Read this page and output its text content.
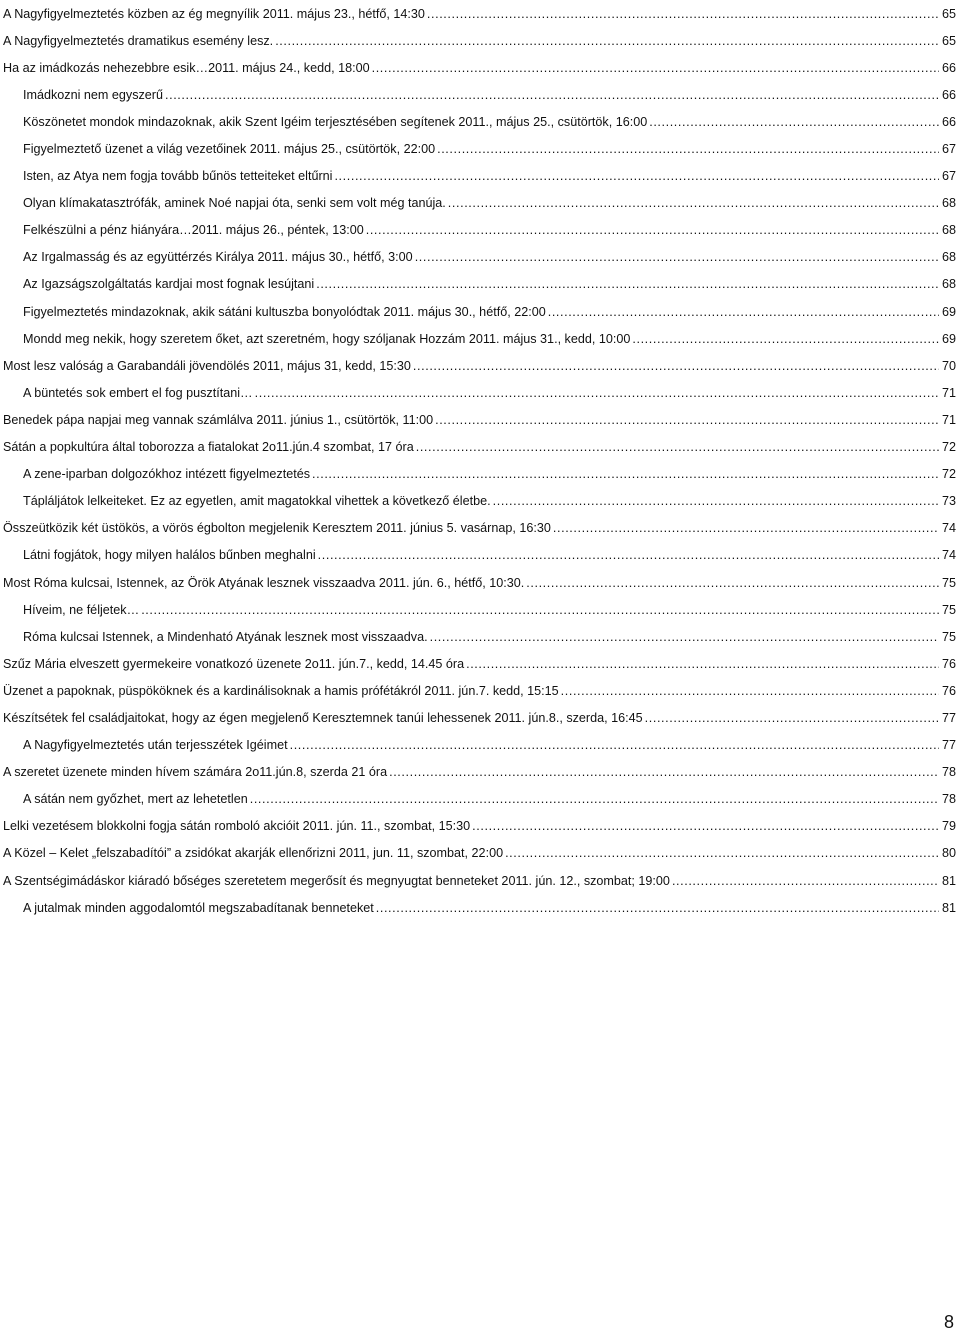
A Nagyfigyelmeztetés közben az ég megnyílik 2011. május 23., hétfő, 14:30 .....	65
A Nagyfigyelmeztetés dramatikus esemény lesz. .....	65
Ha az imádkozás nehezebbre esik…2011. május 24., kedd, 18:00 .....	66
Imádkozni nem egyszerű .....	66
Köszönetet mondok mindazoknak, akik Szent Igéim terjesztésében segítenek 2011., május 25., csütörtök, 16:00 .....	66
Figyelmeztető üzenet a világ vezetőinek 2011. május 25., csütörtök, 22:00 .....	67
Isten, az Atya nem fogja tovább bűnös tetteiteket eltűrni .....	67
Olyan klímakatasztrófák, aminek Noé napjai óta, senki sem volt még tanúja. .....	68
Felkészülni a pénz hiányára…2011. május 26., péntek, 13:00 .....	68
Az Irgalmasság és az együttérzés Királya 2011. május 30., hétfő, 3:00 .....	68
Az Igazságszolgáltatás kardjai most fognak lesújtani .....	68
Figyelmeztetés mindazoknak, akik sátáni kultuszba bonyolódtak 2011. május 30., hétfő, 22:00 .....	69
Mondd meg nekik, hogy szeretem őket, azt szeretném, hogy szóljanak Hozzám 2011. május 31., kedd, 10:00 .....	69
Most lesz valóság a Garabandáli jövendölés 2011, május 31, kedd, 15:30 .....	70
A büntetés sok embert el fog pusztítani… .....	71
Benedek pápa napjai meg vannak számlálva 2011. június 1., csütörtök, 11:00 .....	71
Sátán a popkultúra által toborozza a fiatalokat 2o11.jún.4 szombat, 17 óra .....	72
A zene-iparban dolgozókhoz intézett figyelmeztetés .....	72
Tápláljátok lelkeiteket. Ez az egyetlen, amit magatokkal vihettek a következő életbe. .....	73
Összeütközik két üstökös, a vörös égbolton megjelenik Keresztem 2011. június 5. vasárnap, 16:30 .....	74
Látni fogjátok, hogy milyen halálos bűnben meghalni .....	74
Most Róma kulcsai, Istennek, az Örök Atyának lesznek visszaadva 2011. jún. 6., hétfő, 10:30. .....	75
Híveim, ne féljetek… .....	75
Róma kulcsai Istennek, a Mindenható Atyának lesznek most visszaadva. .....	75
Szűz Mária elveszett gyermekeire vonatkozó üzenete 2o11. jún.7., kedd, 14.45 óra .....	76
Üzenet a papoknak, püspököknek és a kardinálisoknak a hamis prófétákról 2011. jún.7. kedd, 15:15 .....	76
Készítsétek fel családjaitokat, hogy az égen megjelenő Keresztemnek tanúi lehessenek 2011. jún.8., szerda, 16:45 .....	77
A Nagyfigyelmeztetés után terjesszétek Igéimet .....	77
A szeretet üzenete minden hívem számára 2o11.jún.8, szerda 21 óra .....	78
A sátán nem győzhet, mert az lehetetlen .....	78
Lelki vezetésem blokkolni fogja sátán romboló akcióit 2011. jún. 11., szombat, 15:30 .....	79
A Közel – Kelet „felszabadítói” a zsidókat akarják ellenőrizni 2011, jun. 11, szombat, 22:00 .....	80
A Szentségimádáskor kiáradó bőséges szeretetem megerősít és megnyugtat benneteket 2011. jún. 12., szombat; 19:00 .....	81
A jutalmak minden aggodalomtól megszabadítanak benneteket .....	81
8
